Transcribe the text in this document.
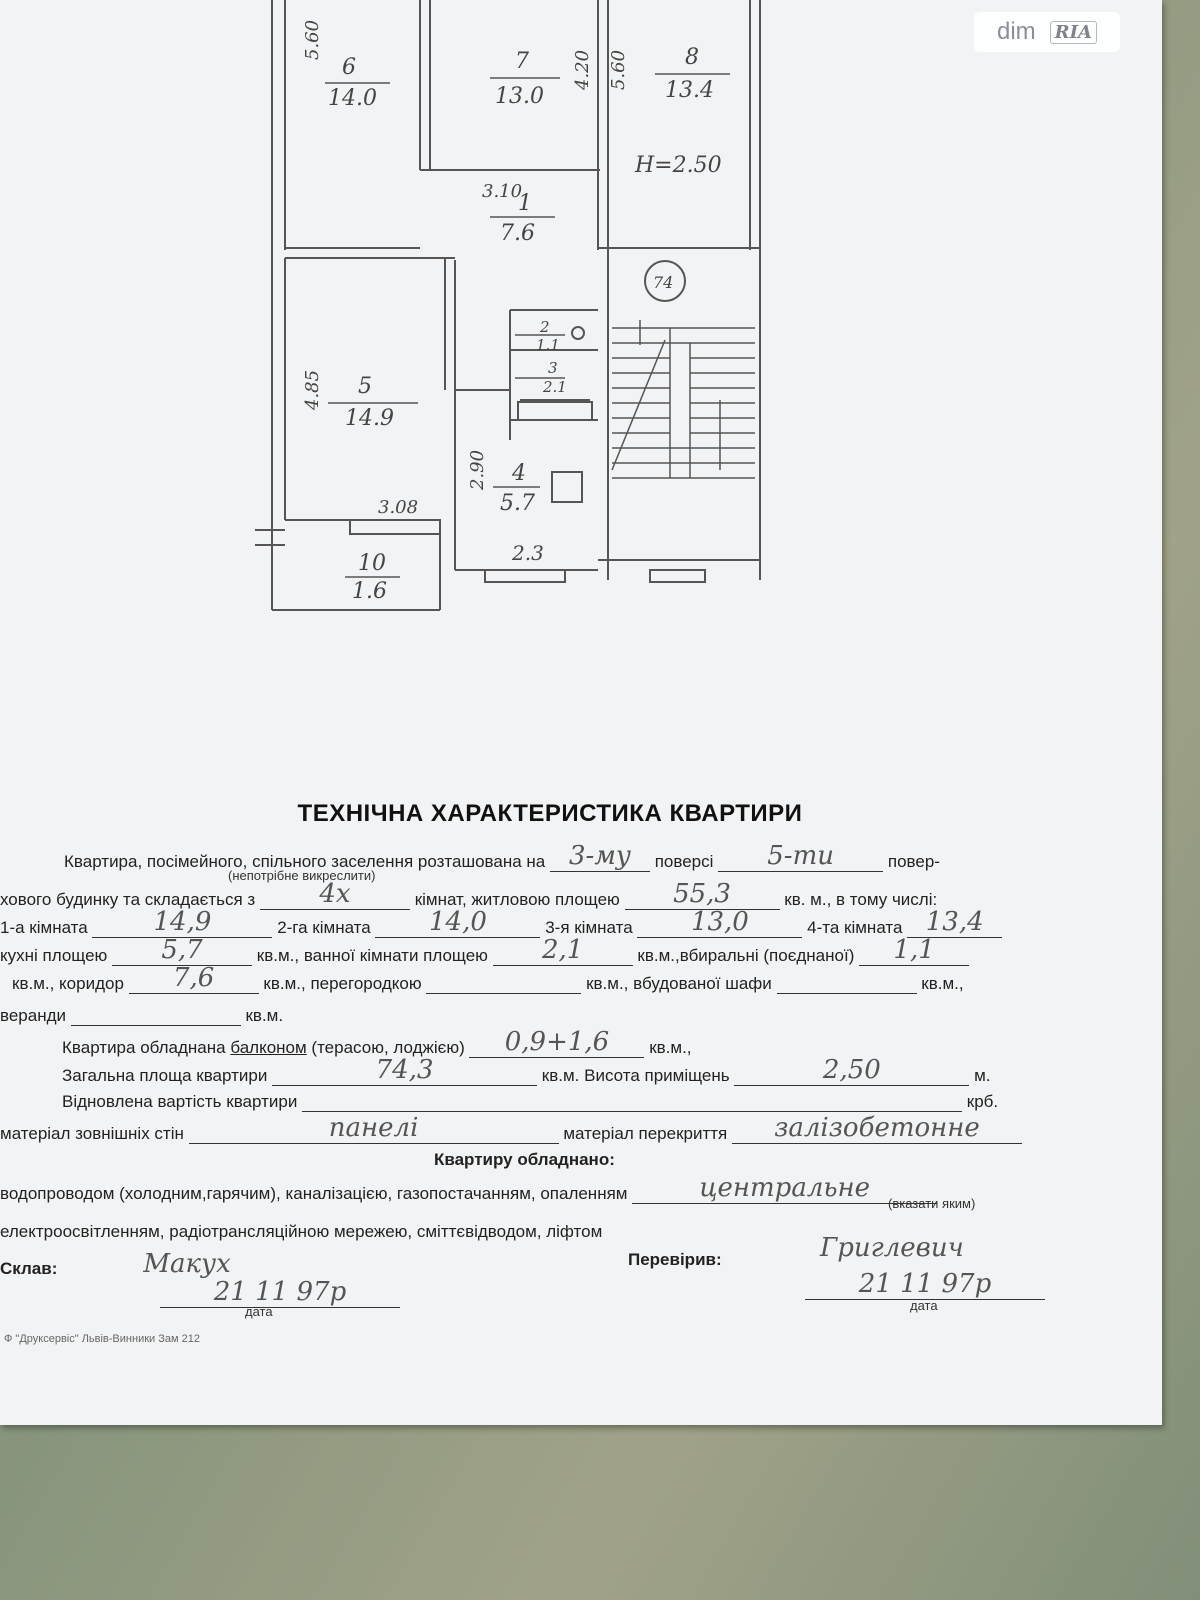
dim RIA
6
14.0
7
13.0
8
13.4
1
7.6
5
14.9
2
1.1
3
2.1
4
5.7
10
1.6
H=2.50
3.10
3.08
2.3
74
5.60
4.20 5.60
4.85
2.90
ТЕХНІЧНА ХАРАКТЕРИСТИКА КВАРТИРИ
Квартира, посімейного, спільного заселення розташована на 3-му поверсі 5-ти	повер-
(непотрібне викреслити)
хового будинку та складається з 4х	кімнат, житловою площею 55,3	кв. м., в тому числі:
1-а кімната	14,9	2-га кімната 14,0	3-я кімната 13,0	4-та кімната 13,4
кухні площею 5,7	кв.м., ванної кімнати площею 2,1	кв.м.,вбиральні (поєднаної) 1,1
кв.м., коридор 7,6	кв.м., перегородкою	кв.м., вбудованої шафи	кв.м.,
веранди	кв.м.
Квартира обладнана балконом (терасою, лоджією) 0,9+1,6 кв.м.,
Загальна площа квартири	74,3	кв.м. Висота приміщень	2,50	м.
Відновлена вартість квартири	крб.
матеріал зовнішніх стін	панелі	матеріал перекриття залізобетонне
Квартиру обладнано:
водопроводом (холодним,гарячим), каналізацією, газопостачанням, опаленням	центральне
(вказати яким)
електроосвітленням, радіотрансляційною мережею, сміттєвідводом, ліфтом
Склав:	Макух
21 11 97р
дата
Перевірив:	Григлевич
21 11 97р
дата
Ф "Друксервіс" Львів-Винники Зам 212
